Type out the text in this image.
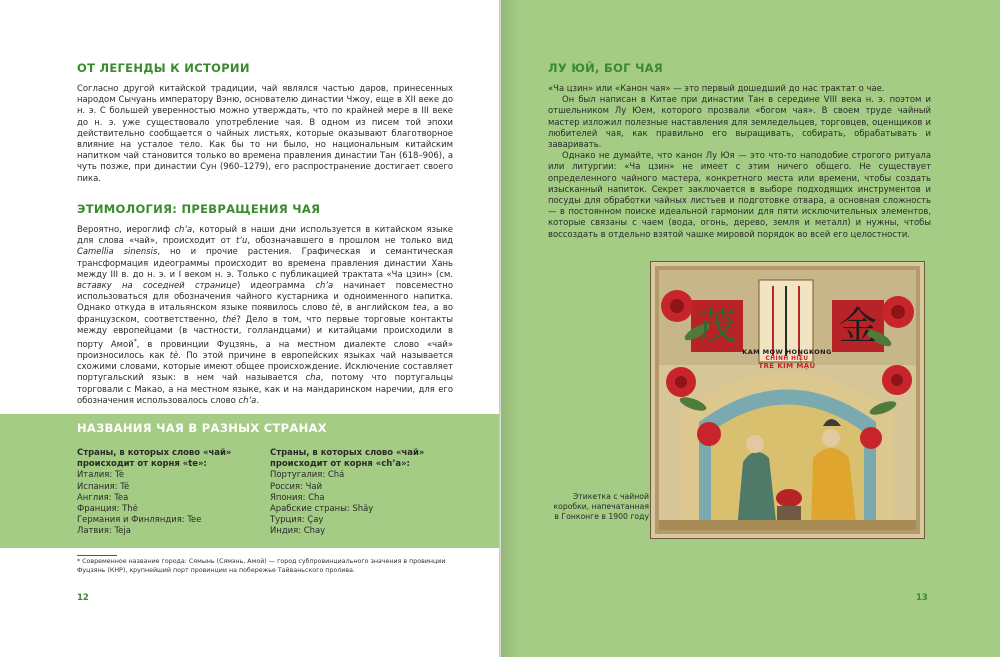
ОТ ЛЕГЕНДЫ К ИСТОРИИ

Согласно другой китайской традиции, чай являлся частью даров, принесенных народом Сычуань императору Вэню, основателю династии Чжоу, еще в XII веке до н. э. С большей уверенностью можно утверждать, что по крайней мере в III веке до н. э. уже существовало употребление чая. В одном из писем той эпохи действительно сообщается о чайных листьях, которые оказывают благотворное влияние на усталое тело. Как бы то ни было, но национальным китайским напитком чай становится только во времена правления династии Тан (618–906), а чуть позже, при династии Сун (960–1279), его распространение достигает своего пика.

ЭТИМОЛОГИЯ: ПРЕВРАЩЕНИЯ ЧАЯ

Вероятно, иероглиф ch’a, который в наши дни используется в китайском языке для слова «чай», происходит от t’u, обозначавшего в прошлом не только вид Camellia sinensis, но и прочие растения. Графическая и семантическая трансформация идеограммы происходит во времена правления династии Хань между III в. до н. э. и I веком н. э. Только с публикацией трактата «Ча цзин» (см. вставку на соседней странице) идеограмма ch’a начинает повсеместно использоваться для обозначения чайного кустарника и одноименного напитка. Однако откуда в итальянском языке появилось слово tè, в английском tea, а во французском, соответственно, thé? Дело в том, что первые торговые контакты между европейцами (в частности, голландцами) и китайцами происходили в порту Амой*, в провинции Фуцзянь, а на местном диалекте слово «чай» произносилось как tè. По этой причине в европейских языках чай называется схожими словами, которые имеют общее происхождение. Исключение составляет португальский язык: в нем чай называется cha, потому что португальцы торговали с Макао, а на местном языке, как и на мандаринском наречии, для его обозначения использовалось слово ch’a.

НАЗВАНИЯ ЧАЯ В РАЗНЫХ СТРАНАХ
Страны, в которых слово «чай» происходит от корня «te»:
Италия: Tè
Испания: Té
Англия: Tea
Франция: Thé
Германия и Финляндия: Tee
Латвия: Teja
Страны, в которых слово «чай» происходит от корня «ch’a»:
Португалия: Chá
Россия: Чай
Япония: Cha
Арабские страны: Shây
Турция: Çay
Индия: Chay
* Современное название города: Сямынь (Сямэнь, Амой) — город субпровинциального значения в провинции Фуцзянь (КНР), крупнейший порт провинции на побережье Тайваньского пролива.
12
ЛУ ЮЙ, БОГ ЧАЯ

«Ча цзин» или «Канон чая» — это первый дошедший до нас трактат о чае.

Он был написан в Китае при династии Тан в середине VIII века н. э. поэтом и отшельником Лу Юем, которого прозвали «богом чая». В своем труде чайный мастер изложил полезные наставления для земледельцев, торговцев, оценщиков и любителей чая, как правильно его выращивать, собирать, обрабатывать и заваривать.

Однако не думайте, что канон Лу Юя — это что-то наподобие строгого ритуала или литургии: «Ча цзин» не имеет с этим ничего общего. Не существует определенного чайного мастера, конкретного места или времени, чтобы создать изысканный напиток. Секрет заключается в выборе подходящих инструментов и посуды для обработки чайных листьев и подготовке отвара, а основная сложность — в постоянном поиске идеальной гармонии для пяти исключительных элементов, которые связаны с чаем (вода, огонь, дерево, земля и металл) и нужны, чтобы воссоздать в отдельно взятой чашке мировой порядок во всей его целостности.

茂	金
KAM MOW HONGKONG
CHÍNH HIỆU
TRÈ KIM MẬU
Этикетка с чайной коробки, напечатанная в Гонконге в 1900 году
13
